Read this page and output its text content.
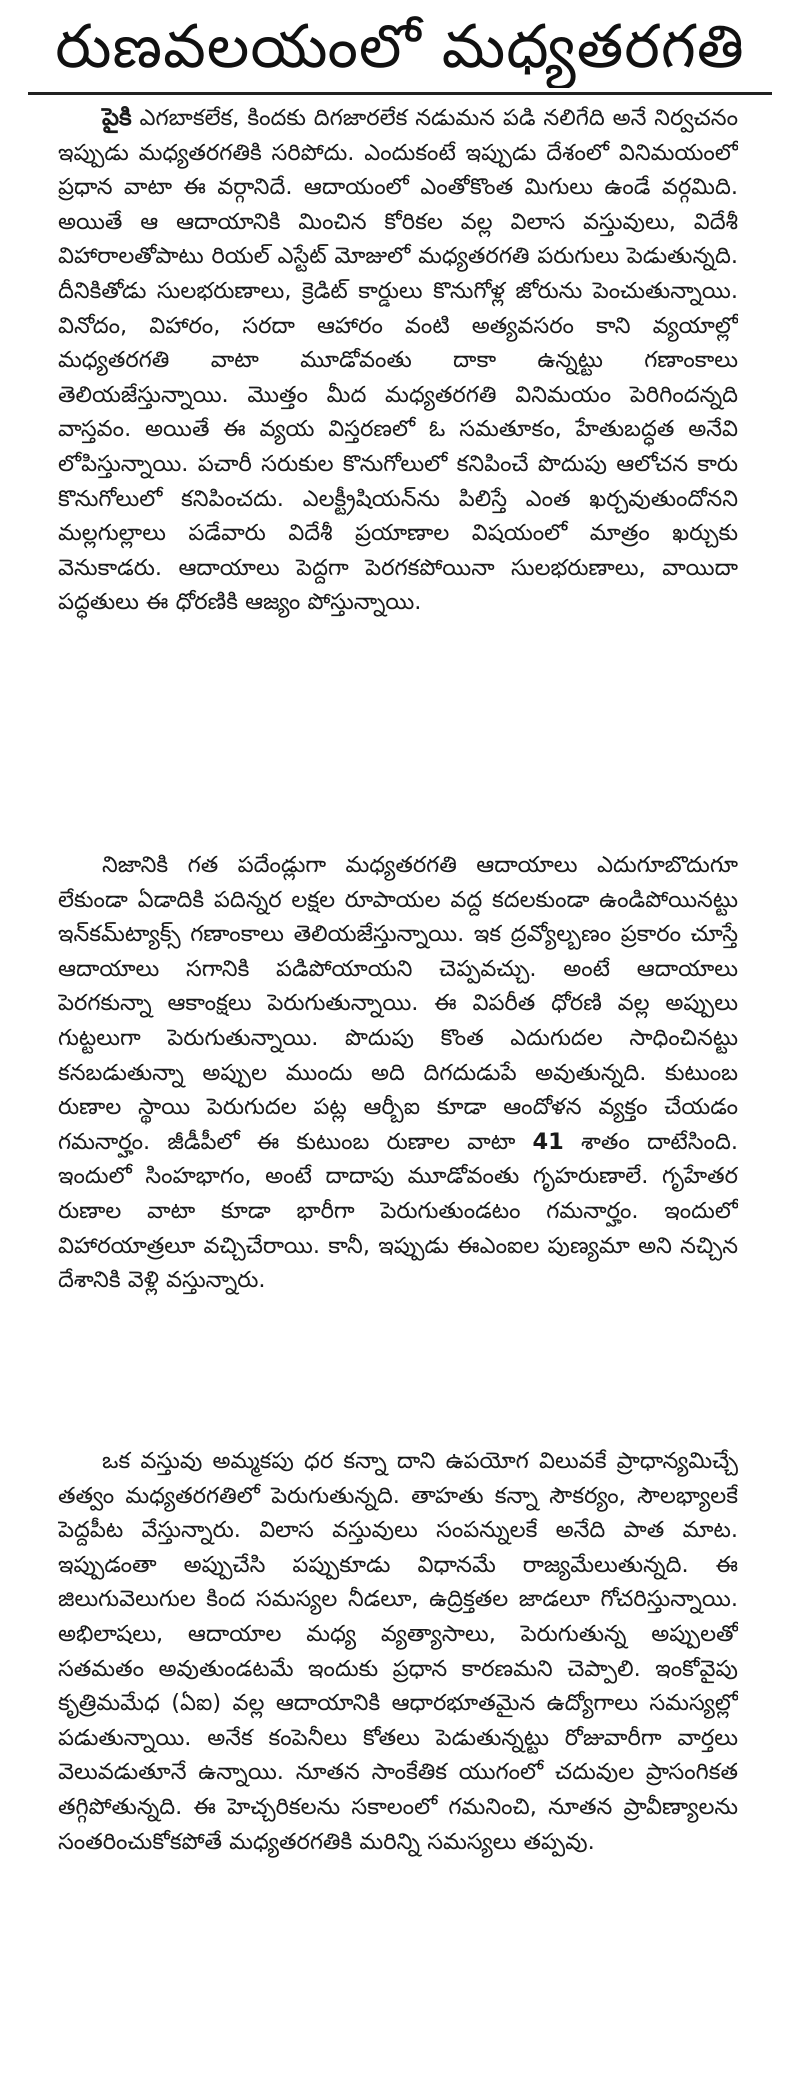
రుణవలయంలో మధ్యతరగతి

పైకి ఎగబాకలేక, కిందకు దిగజారలేక నడుమన పడి నలిగేది అనే నిర్వచనం ఇప్పుడు మధ్యతరగతికి సరిపోదు. ఎందుకంటే ఇప్పుడు దేశంలో వినిమయంలో ప్రధాన వాటా ఈ వర్గానిదే. ఆదాయంలో ఎంతోకొంత మిగులు ఉండే వర్గమిది. అయితే ఆ ఆదాయానికి మించిన కోరికల వల్ల విలాస వస్తువులు, విదేశీ విహారాలతోపాటు రియల్ ఎస్టేట్ మోజులో మధ్యతరగతి పరుగులు పెడుతున్నది. దీనికితోడు సులభరుణాలు, క్రెడిట్ కార్డులు కొనుగోళ్ల జోరును పెంచుతున్నాయి. వినోదం, విహారం, సరదా ఆహారం వంటి అత్యవసరం కాని వ్యయాల్లో మధ్యతరగతి వాటా మూడోవంతు దాకా ఉన్నట్టు గణాంకాలు తెలియజేస్తున్నాయి. మొత్తం మీద మధ్యతరగతి వినిమయం పెరిగిందన్నది వాస్తవం. అయితే ఈ వ్యయ విస్తరణలో ఓ సమతూకం, హేతుబద్ధత అనేవి లోపిస్తున్నాయి. పచారీ సరుకుల కొనుగోలులో కనిపించే పొదుపు ఆలోచన కారు కొనుగోలులో కనిపించదు. ఎలక్ట్రీషియన్‌ను పిలిస్తే ఎంత ఖర్చవుతుందోనని మల్లగుల్లాలు పడేవారు విదేశీ ప్రయాణాల విషయంలో మాత్రం ఖర్చుకు వెనుకాడరు. ఆదాయాలు పెద్దగా పెరగకపోయినా సులభరుణాలు, వాయిదా పద్ధతులు ఈ ధోరణికి ఆజ్యం పోస్తున్నాయి.

నిజానికి గత పదేండ్లుగా మధ్యతరగతి ఆదాయాలు ఎదుగూబొదుగూ లేకుండా ఏడాదికి పదిన్నర లక్షల రూపాయల వద్ద కదలకుండా ఉండిపోయినట్టు ఇన్‌కమ్‌ట్యాక్స్ గణాంకాలు తెలియజేస్తున్నాయి. ఇక ద్రవ్యోల్బణం ప్రకారం చూస్తే ఆదాయాలు సగానికి పడిపోయాయని చెప్పవచ్చు. అంటే ఆదాయాలు పెరగకున్నా ఆకాంక్షలు పెరుగుతున్నాయి. ఈ విపరీత ధోరణి వల్ల అప్పులు గుట్టలుగా పెరుగుతున్నాయి. పొదుపు కొంత ఎదుగుదల సాధించినట్టు కనబడుతున్నా అప్పుల ముందు అది దిగదుడుపే అవుతున్నది. కుటుంబ రుణాల స్థాయి పెరుగుదల పట్ల ఆర్బీఐ కూడా ఆందోళన వ్యక్తం చేయడం గమనార్హం. జీడీపీలో ఈ కుటుంబ రుణాల వాటా 41 శాతం దాటేసింది. ఇందులో సింహభాగం, అంటే దాదాపు మూడోవంతు గృహరుణాలే. గృహేతర రుణాల వాటా కూడా భారీగా పెరుగుతుండటం గమనార్హం. ఇందులో విహారయాత్రలూ వచ్చిచేరాయి. కానీ, ఇప్పుడు ఈఎంఐల పుణ్యమా అని నచ్చిన దేశానికి వెళ్లి వస్తున్నారు.

ఒక వస్తువు అమ్మకపు ధర కన్నా దాని ఉపయోగ విలువకే ప్రాధాన్యమిచ్చే తత్వం మధ్యతరగతిలో పెరుగుతున్నది. తాహతు కన్నా సౌకర్యం, సౌలభ్యాలకే పెద్దపీట వేస్తున్నారు. విలాస వస్తువులు సంపన్నులకే అనేది పాత మాట. ఇప్పుడంతా అప్పుచేసి పప్పుకూడు విధానమే రాజ్యమేలుతున్నది. ఈ జిలుగువెలుగుల కింద సమస్యల నీడలూ, ఉద్రిక్తతల జాడలూ గోచరిస్తున్నాయి. అభిలాషలు, ఆదాయాల మధ్య వ్యత్యాసాలు, పెరుగుతున్న అప్పులతో సతమతం అవుతుండటమే ఇందుకు ప్రధాన కారణమని చెప్పాలి. ఇంకోవైపు కృత్రిమమేధ (ఏఐ) వల్ల ఆదాయానికి ఆధారభూతమైన ఉద్యోగాలు సమస్యల్లో పడుతున్నాయి. అనేక కంపెనీలు కోతలు పెడుతున్నట్టు రోజువారీగా వార్తలు వెలువడుతూనే ఉన్నాయి. నూతన సాంకేతిక యుగంలో చదువుల ప్రాసంగికత తగ్గిపోతున్నది. ఈ హెచ్చరికలను సకాలంలో గమనించి, నూతన ప్రావీణ్యాలను సంతరించుకోకపోతే మధ్యతరగతికి మరిన్ని సమస్యలు తప్పవు.
